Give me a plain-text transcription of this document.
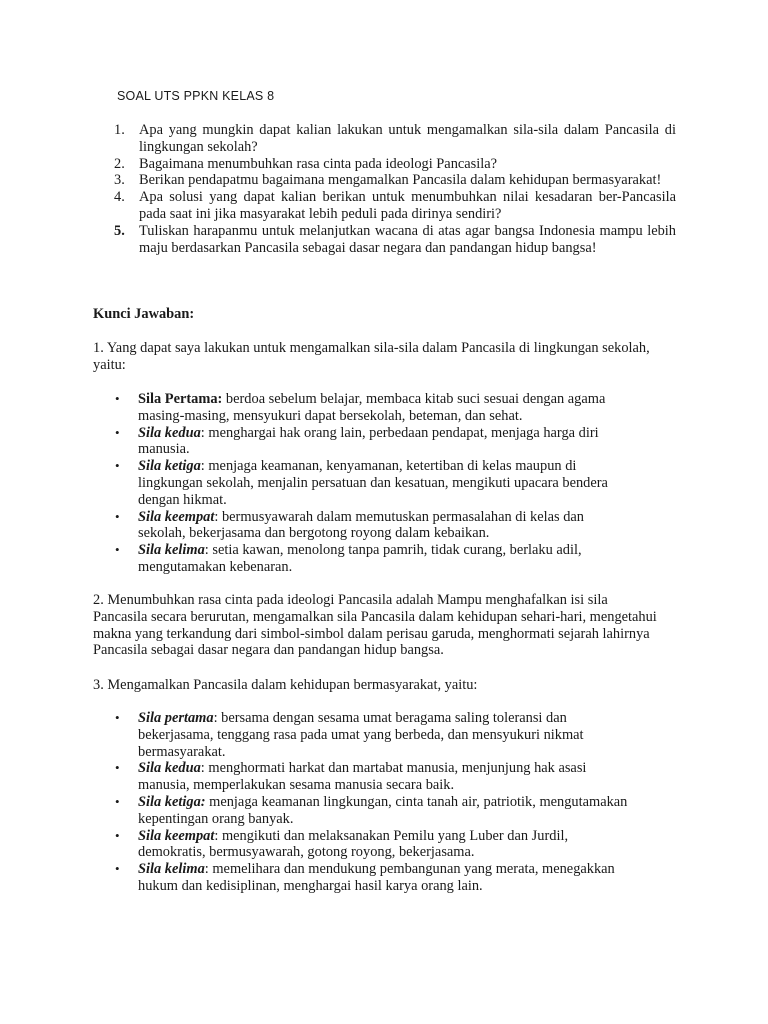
SOAL UTS PPKN KELAS 8
1. Apa yang mungkin dapat kalian lakukan untuk mengamalkan sila-sila dalam Pancasila di lingkungan sekolah?
2. Bagaimana menumbuhkan rasa cinta pada ideologi Pancasila?
3. Berikan pendapatmu bagaimana mengamalkan Pancasila dalam kehidupan bermasyarakat!
4. Apa solusi yang dapat kalian berikan untuk menumbuhkan nilai kesadaran ber-Pancasila pada saat ini jika masyarakat lebih peduli pada dirinya sendiri?
5. Tuliskan harapanmu untuk melanjutkan wacana di atas agar bangsa Indonesia mampu lebih maju berdasarkan Pancasila sebagai dasar negara dan pandangan hidup bangsa!
Kunci Jawaban:
1. Yang dapat saya lakukan untuk mengamalkan sila-sila dalam Pancasila di lingkungan sekolah, yaitu:
• Sila Pertama: berdoa sebelum belajar, membaca kitab suci sesuai dengan agama masing-masing, mensyukuri dapat bersekolah, beteman, dan sehat.
• Sila kedua: menghargai hak orang lain, perbedaan pendapat, menjaga harga diri manusia.
• Sila ketiga: menjaga keamanan, kenyamanan, ketertiban di kelas maupun di lingkungan sekolah, menjalin persatuan dan kesatuan, mengikuti upacara bendera dengan hikmat.
• Sila keempat: bermusyawarah dalam memutuskan permasalahan di kelas dan sekolah, bekerjasama dan bergotong royong dalam kebaikan.
• Sila kelima: setia kawan, menolong tanpa pamrih, tidak curang, berlaku adil, mengutamakan kebenaran.
2. Menumbuhkan rasa cinta pada ideologi Pancasila adalah Mampu menghafalkan isi sila Pancasila secara berurutan, mengamalkan sila Pancasila dalam kehidupan sehari-hari, mengetahui makna yang terkandung dari simbol-simbol dalam perisau garuda, menghormati sejarah lahirnya Pancasila sebagai dasar negara dan pandangan hidup bangsa.
3. Mengamalkan Pancasila dalam kehidupan bermasyarakat, yaitu:
• Sila pertama: bersama dengan sesama umat beragama saling toleransi dan bekerjasama, tenggang rasa pada umat yang berbeda, dan mensyukuri nikmat bermasyarakat.
• Sila kedua: menghormati harkat dan martabat manusia, menjunjung hak asasi manusia, memperlakukan sesama manusia secara baik.
• Sila ketiga: menjaga keamanan lingkungan, cinta tanah air, patriotik, mengutamakan kepentingan orang banyak.
• Sila keempat: mengikuti dan melaksanakan Pemilu yang Luber dan Jurdil, demokratis, bermusyawarah, gotong royong, bekerjasama.
• Sila kelima: memelihara dan mendukung pembangunan yang merata, menegakkan hukum dan kedisiplinan, menghargai hasil karya orang lain.
